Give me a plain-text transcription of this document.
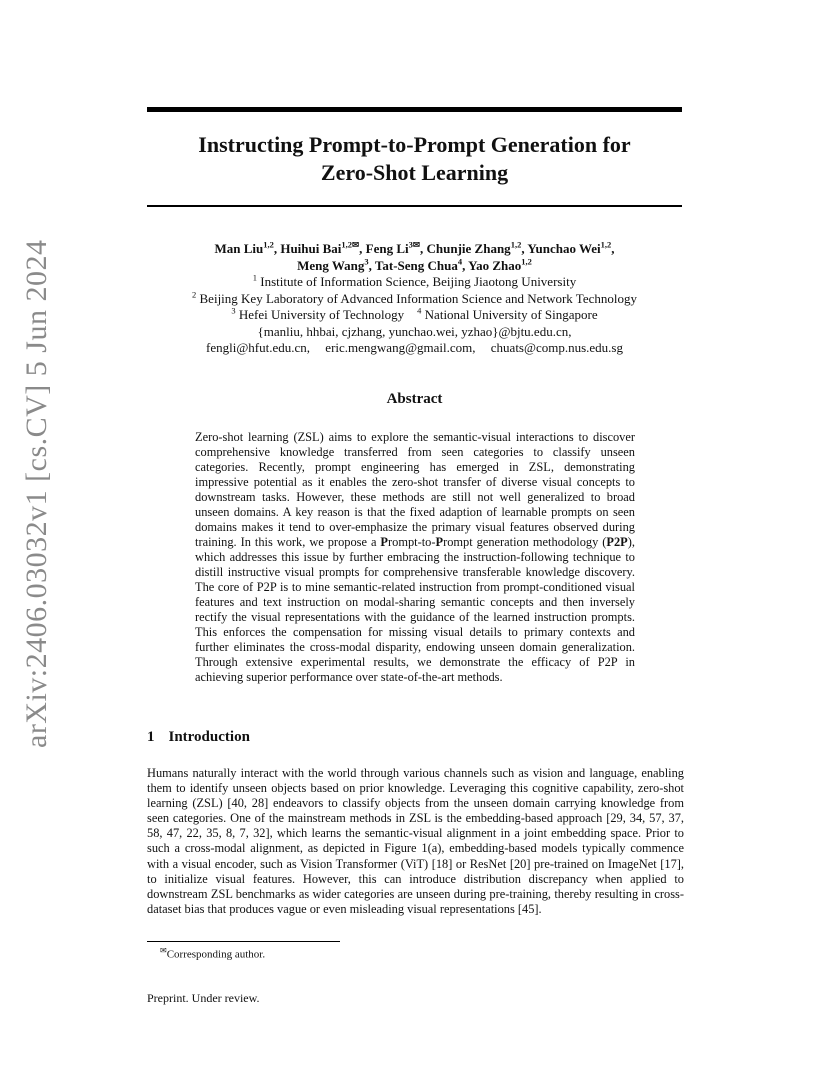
arXiv:2406.03032v1 [cs.CV] 5 Jun 2024
Instructing Prompt-to-Prompt Generation for
Zero-Shot Learning
Man Liu$^{1,2}$, Huihui Bai$^{1,2✉}$, Feng $Li^{3✉}$, Chunjie Zhang$^{1,2}$, Yunchao Wei$^{1,2}$,
Meng Wang$^3$, Tat-Seng Chua$^4$, Yao Zhao$^{1,2}$
$^1$ Institute of Information Science, Beijing Jiaotong University
$^2$ Beijing Key Laboratory of Advanced Information Science and Network Technology
$^3$ Hefei University of Technology $^4$ National University of Singapore
{manliu, hhbai, cjzhang, yunchao.wei, yzhao}@bjtu.edu.cn,
fengli@hfut.edu.cn, eric.mengwang@gmail.com, chuats@comp.nus.edu.sg
Abstract
Zero-shot learning (ZSL) aims to explore the semantic-visual interactions to discover comprehensive knowledge transferred from seen categories to classify unseen categories. Recently, prompt engineering has emerged in ZSL, demonstrating impressive potential as it enables the zero-shot transfer of diverse visual concepts to downstream tasks. However, these methods are still not well generalized to broad unseen domains. A key reason is that the fixed adaption of learnable prompts on seen domains makes it tend to over-emphasize the primary visual features observed during training. In this work, we propose a Prompt-to-Prompt generation methodology (P2P), which addresses this issue by further embracing the instruction-following technique to distill instructive visual prompts for comprehensive transferable knowledge discovery. The core of P2P is to mine semantic-related instruction from prompt-conditioned visual features and text instruction on modal-sharing semantic concepts and then inversely rectify the visual representations with the guidance of the learned instruction prompts. This enforces the compensation for missing visual details to primary contexts and further eliminates the cross-modal disparity, endowing unseen domain generalization. Through extensive experimental results, we demonstrate the efficacy of P2P in achieving superior performance over state-of-the-art methods.
1 Introduction
Humans naturally interact with the world through various channels such as vision and language, enabling them to identify unseen objects based on prior knowledge. Leveraging this cognitive capability, zero-shot learning (ZSL) [40, 28] endeavors to classify objects from the unseen domain carrying knowledge from seen categories. One of the mainstream methods in ZSL is the embedding-based approach [29, 34, 57, 37, 58, 47, 22, 35, 8, 7, 32], which learns the semantic-visual alignment in a joint embedding space. Prior to such a cross-modal alignment, as depicted in Figure 1(a), embedding-based models typically commence with a visual encoder, such as Vision Transformer (ViT) [18] or ResNet [20] pre-trained on ImageNet [17], to initialize visual features. However, this can introduce distribution discrepancy when applied to downstream ZSL benchmarks as wider categories are unseen during pre-training, thereby resulting in cross-dataset bias that produces vague or even misleading visual representations [45].
✉Corresponding author.
Preprint. Under review.
